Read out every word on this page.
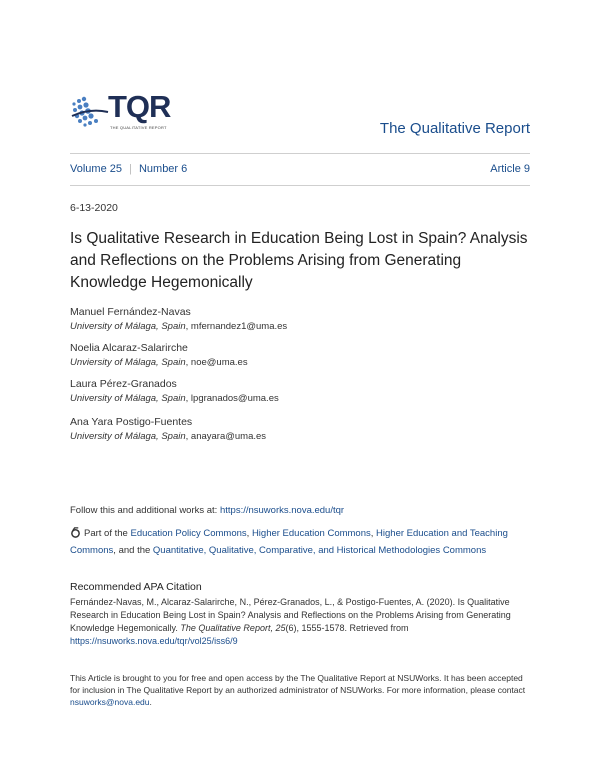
TQR
THE QUALITATIVE REPORT	The Qualitative Report
Volume 25 | Number 6	Article 9
6-13-2020
Is Qualitative Research in Education Being Lost in Spain? Analysis and Reflections on the Problems Arising from Generating Knowledge Hegemonically
Manuel Fernández-Navas
University of Málaga, Spain, mfernandez1@uma.es
Noelia Alcaraz-Salarirche
Unviersity of Málaga, Spain, noe@uma.es
Laura Pérez-Granados
University of Málaga, Spain, lpgranados@uma.es
Ana Yara Postigo-Fuentes
University of Málaga, Spain, anayara@uma.es
Follow this and additional works at: https://nsuworks.nova.edu/tqr
Part of the Education Policy Commons, Higher Education Commons, Higher Education and Teaching Commons, and the Quantitative, Qualitative, Comparative, and Historical Methodologies Commons
Recommended APA Citation
Fernández-Navas, M., Alcaraz-Salarirche, N., Pérez-Granados, L., & Postigo-Fuentes, A. (2020). Is Qualitative Research in Education Being Lost in Spain? Analysis and Reflections on the Problems Arising from Generating Knowledge Hegemonically. The Qualitative Report, 25(6), 1555-1578. Retrieved from https://nsuworks.nova.edu/tqr/vol25/iss6/9
This Article is brought to you for free and open access by the The Qualitative Report at NSUWorks. It has been accepted for inclusion in The Qualitative Report by an authorized administrator of NSUWorks. For more information, please contact nsuworks@nova.edu.
